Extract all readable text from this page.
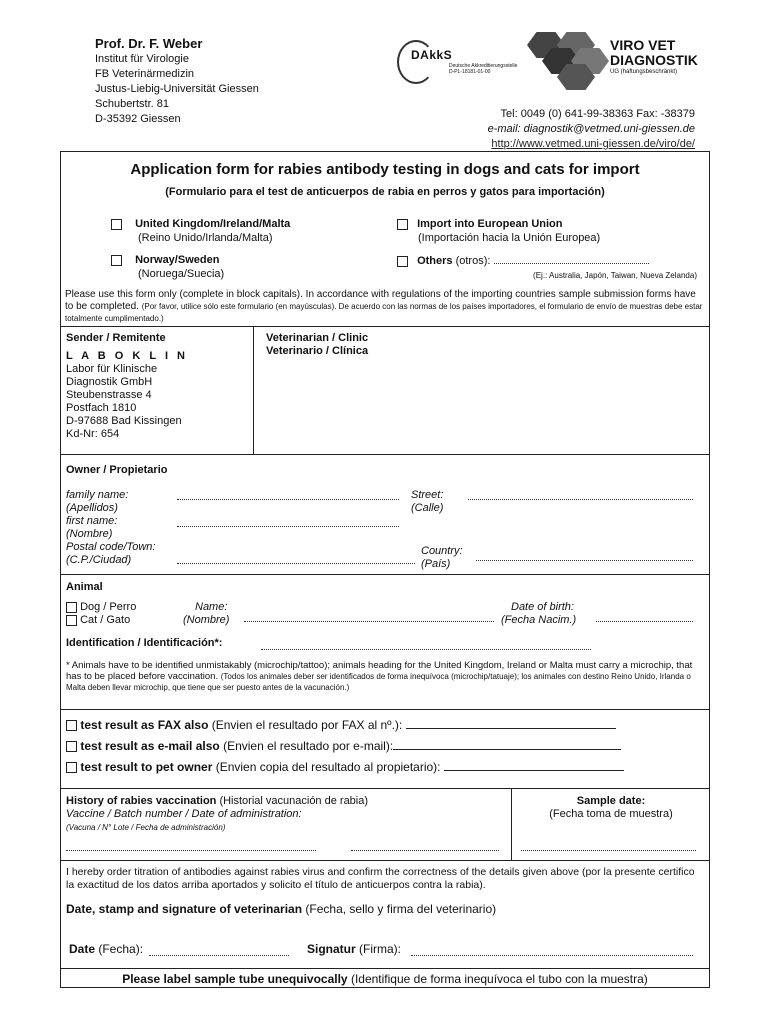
Prof. Dr. F. Weber
Institut für Virologie
FB Veterinärmedizin
Justus-Liebig-Universität Giessen
Schubertstr. 81
D-35392 Giessen
DAkkS
Deutsche Akkreditierungsstelle D-PL-18181-01-00
VIRO VET
DIAGNOSTIK
UG (haftungsbeschränkt)
Tel: 0049 (0) 641-99-38363 Fax: -38379
e-mail: diagnostik@vetmed.uni-giessen.de
http://www.vetmed.uni-giessen.de/viro/de/
Application form for rabies antibody testing in dogs and cats for import
(Formulario para el test de anticuerpos de rabia en perros y gatos para importación)
United Kingdom/Ireland/Malta
(Reino Unido/Irlanda/Malta)
Import into European Union
(Importación hacia la Unión Europea)
Norway/Sweden
(Noruega/Suecia)
Others (otros):
(Ej.: Australia, Japón, Taiwan, Nueva Zelanda)
Please use this form only (complete in block capitals). In accordance with regulations of the importing countries sample submission forms have to be completed. (Por favor, utilice sólo este formulario (en mayúsculas). De acuerdo con las normas de los países importadores, el formulario de envío de muestras debe estar totalmente cumplimentado.)
Sender / Remitente
L A B O K L I N
Labor für Klinische
Diagnostik GmbH
Steubenstrasse 4
Postfach 1810
D-97688 Bad Kissingen
Kd-Nr: 654
Veterinarian / Clinic
Veterinario / Clínica
Owner / Propietario
family name:
(Apellidos)
first name:
(Nombre)
Postal code/Town:
(C.P./Ciudad)
Street:
(Calle)
Country:
(País)
Animal
Dog / Perro
Cat / Gato
Name:
(Nombre)
Date of birth:
(Fecha Nacim.)
Identification / Identificación*:
* Animals have to be identified unmistakably (microchip/tattoo); animals heading for the United Kingdom, Ireland or Malta must carry a microchip, that has to be placed before vaccination. (Todos los animales deber ser identificados de forma inequívoca (microchip/tatuaje); los animales con destino Reino Unido, Irlanda o Malta deben llevar microchip, que tiene que ser puesto antes de la vacunación.)
test result as FAX also (Envien el resultado por FAX al nº.):
test result as e-mail also (Envien el resultado por e-mail):
test result to pet owner (Envien copia del resultado al propietario):
History of rabies vaccination (Historial vacunación de rabia)
Vaccine / Batch number / Date of administration:
(Vacuna / N° Lote / Fecha de administración)
Sample date:
(Fecha toma de muestra)
I hereby order titration of antibodies against rabies virus and confirm the correctness of the details given above (por la presente certifico la exactitud de los datos arriba aportados y solicito el título de anticuerpos contra la rabia).
Date, stamp and signature of veterinarian (Fecha, sello y firma del veterinario)
Date (Fecha):	Signatur (Firma):
Please label sample tube unequivocally (Identifique de forma inequívoca el tubo con la muestra)
